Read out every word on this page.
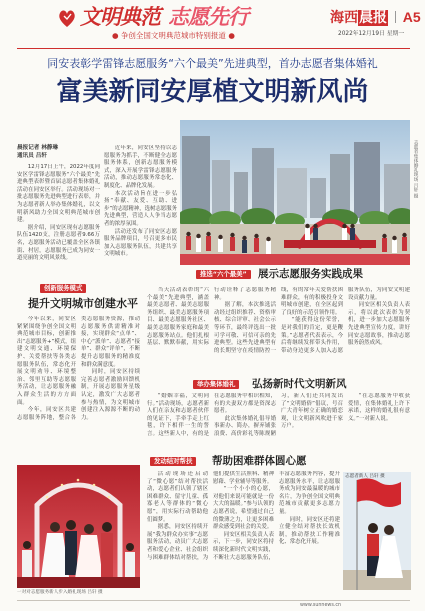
文明典范 志愿先行
● 争创全国文明典范城市特别报道 ●
海西晨报 A5
2022年12月19日 星期一
同安表彰学雷锋志愿服务“六个最美”先进典型，首办志愿者集体婚礼
富美新同安厚植文明新风尚
晨报记者 林静琳
通讯员 吕轩

12月17日上午，2022年度同安区学雷锋志愿服务“六个最美”先进典型表彰暨首届志愿者集体婚礼活动在同安区举行。活动现场对一批志愿服务先进典型进行表彰，并为志愿者新人举办集体婚礼，以文明新风助力全国文明典范城市创建。

据介绍，同安区现有志愿服务队伍1420支，注册志愿者9.66万名，志愿服务活动已覆盖全区各镇街、村居，志愿服务已成为同安一道亮丽的文明风景线。

近年来，同安区坚持以志愿服务为抓手，不断健全志愿服务体系，创新志愿服务模式，深入开展学雷锋志愿服务活动，推动志愿服务常态化、制度化、品牌化发展。

本次活动旨在进一步弘扬“奉献、友爱、互助、进步”的志愿精神，选树志愿服务先进典型，营造人人争当志愿者的浓厚氛围。

活动还发布了同安区志愿服务品牌项目，号召更多市民加入志愿服务队伍，共建共享文明城市。

志愿者集体婚礼现场 吕轩 摄
创新服务模式
提升文明城市创建水平

今年以来，同安区紧紧围绕争创全国文明典范城市目标，创新推出“志愿服务+”模式，组建文明交通、环境保护、关爱帮扶等各类志愿服务队伍，常态化开展文明劝导、环境整治、邻里互助等志愿服务活动，让志愿服务融入群众生活的方方面面。

今年，同安区共建志愿服务阵地，整合各类志愿服务资源，推动志愿服务供需精准对接，实现群众“点单”、中心“派单”、志愿者“接单”、群众“评单”，不断提升志愿服务的精准度和群众满意度。

同时，同安区持续完善志愿者激励回馈机制，开展志愿服务星级认定，激发广大志愿者参与热情，为文明城市创建注入源源不断的动力。

一对对志愿服务新人步入婚礼现场 吕轩 摄
推选“六个最美”	展示志愿服务实践成果

当天活动表彰的“六个最美”先进典型，涵盖最美志愿者、最美志愿服务组织、最美志愿服务项目、最美志愿服务社区、最美志愿服务家庭和最美志愿服务站点。他们扎根基层、默默奉献，用实际行动诠释了志愿服务精神。

据了解，本次推选活动经过组织推荐、资格审核、综合评审、社会公示等环节，最终评选出一批可学可敬、可信可亲的先进典型。这些先进典型有的长期坚守在疫情防控一线，有的常年关爱帮扶困难群众，有的积极投身文明城市创建，在全区起到了良好的示范引领作用。

“能获得这份荣誉，是对我们的肯定，更是鞭策。”志愿者代表表示，今后将继续发挥带头作用，带动身边更多人加入志愿服务队伍，为同安文明建设贡献力量。

同安区相关负责人表示，将以此次表彰为契机，进一步加大志愿服务先进典型宣传力度，讲好同安志愿故事，推动志愿服务蔚然成风。

举办集体婚礼	弘扬新时代文明新风

“婚姻幸福，文明同行。”活动现场，志愿者新人们在亲友和志愿者伙伴的见证下，手牵手走上红毯，许下相伴一生的誓言。这些新人中，有的是在志愿服务中相识相知，有的夫妻双方都是资深志愿者。

此次集体婚礼倡导婚事新办、简办，摒弃铺张浪费、高价彩礼等陈规陋习，新人们还共同发出了“文明婚俗”倡议，号召广大青年树立正确的婚恋观，让文明新风吹进千家万户。

“在志愿服务中收获爱情，在集体婚礼上许下承诺，这样的婚礼很有意义。”一对新人说。

发动结对帮扶	帮助困难群体圆心愿

活动现场还启动了“微心愿”结对帮扶活动，志愿者们认领了辖区困难群众、留守儿童、孤寡老人等群体的“微心愿”，用实际行动帮助他们圆梦。

据悉，同安区持续开展“我为群众办实事”志愿服务活动，动员广大志愿者和爱心企业、社会组织与困难群体结对帮扶，为他们提供生活照料、精神慰藉、学业辅导等服务。

“一个小小的心愿，对他们来说可能就是一份大大的温暖。”参与认领的志愿者说，希望通过自己的微薄之力，让更多困难群众感受到社会的关爱。

同安区相关负责人表示，下一步，同安区将持续深化新时代文明实践，不断壮大志愿服务队伍，丰富志愿服务内容，提升志愿服务水平，让志愿服务成为同安最温暖的城市名片，为争创全国文明典范城市贡献更多志愿力量。

同时，同安区还将建立健全结对帮扶长效机制，推动帮扶工作精准化、常态化开展。

志愿者新人 吕轩 摄
www.sunnews.cn
